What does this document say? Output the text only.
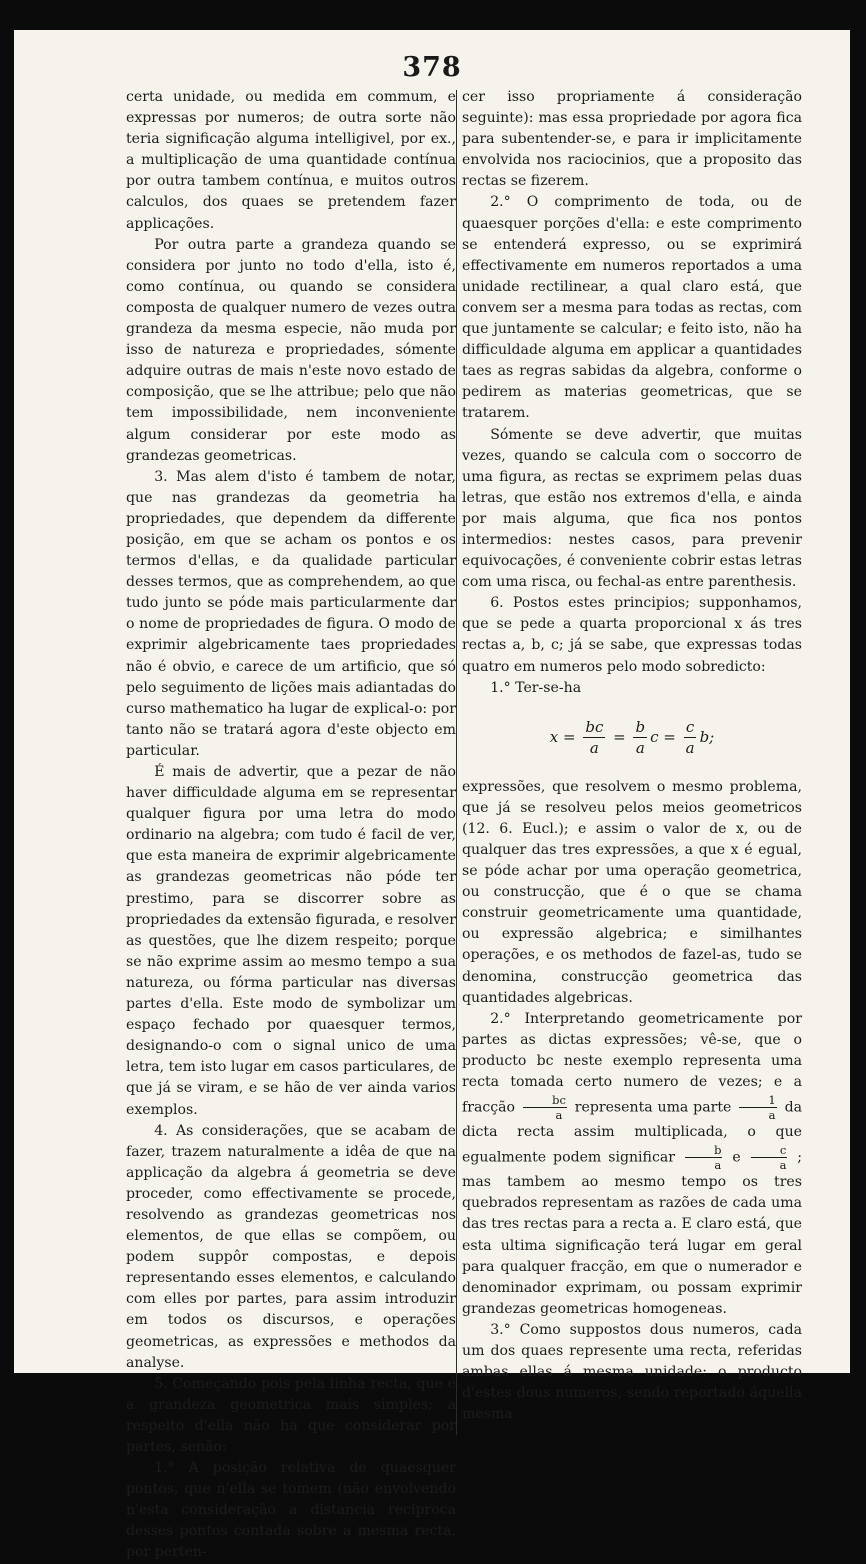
378

certa unidade, ou medida em commum, e expressas por numeros; de outra sorte não teria significação alguma intelligivel, por ex., a multiplicação de uma quantidade contínua por outra tambem contínua, e muitos outros calculos, dos quaes se pretendem fazer applicações.

Por outra parte a grandeza quando se considera por junto no todo d'ella, isto é, como contínua, ou quando se considera composta de qualquer numero de vezes outra grandeza da mesma especie, não muda por isso de natureza e propriedades, sómente adquire outras de mais n'este novo estado de composição, que se lhe attribue; pelo que não tem impossibilidade, nem inconveniente algum considerar por este modo as grandezas geometricas.

3. Mas alem d'isto é tambem de notar, que nas grandezas da geometria ha propriedades, que dependem da differente posição, em que se acham os pontos e os termos d'ellas, e da qualidade particular desses termos, que as comprehendem, ao que tudo junto se póde mais particularmente dar o nome de propriedades de figura. O modo de exprimir algebricamente taes propriedades não é obvio, e carece de um artificio, que só pelo seguimento de lições mais adiantadas do curso mathematico ha lugar de explical-o: por tanto não se tratará agora d'este objecto em particular.

É mais de advertir, que a pezar de não haver difficuldade alguma em se representar qualquer figura por uma letra do modo ordinario na algebra; com tudo é facil de ver, que esta maneira de exprimir algebricamente as grandezas geometricas não póde ter prestimo, para se discorrer sobre as propriedades da extensão figurada, e resolver as questões, que lhe dizem respeito; porque se não exprime assim ao mesmo tempo a sua natureza, ou fórma particular nas diversas partes d'ella. Este modo de symbolizar um espaço fechado por quaesquer termos, designando-o com o signal unico de uma letra, tem isto lugar em casos particulares, de que já se viram, e se hão de ver ainda varios exemplos.

4. As considerações, que se acabam de fazer, trazem naturalmente a idêa de que na applicação da algebra á geometria se deve proceder, como effectivamente se procede, resolvendo as grandezas geometricas nos elementos, de que ellas se compõem, ou podem suppôr compostas, e depois representando esses elementos, e calculando com elles por partes, para assim introduzir em todos os discursos, e operações geometricas, as expressões e methodos da analyse.

5. Começando pois pela linha recta, que é a grandeza geometrica mais simples; a respeito d'ella não ha que considerar por partes, senão:

1.° A posição relativa de quaesquer pontos, que n'ella se tomem (não envolvendo n'esta consideração a distancia reciproca desses pontos contada sobre a mesma recta, por perten-

cer isso propriamente á consideração seguinte): mas essa propriedade por agora fica para subentender-se, e para ir implicitamente envolvida nos raciocinios, que a proposito das rectas se fizerem.

2.° O comprimento de toda, ou de quaesquer porções d'ella: e este comprimento se entenderá expresso, ou se exprimirá effectivamente em numeros reportados a uma unidade rectilinear, a qual claro está, que convem ser a mesma para todas as rectas, com que juntamente se calcular; e feito isto, não ha difficuldade alguma em applicar a quantidades taes as regras sabidas da algebra, conforme o pedirem as materias geometricas, que se tratarem.

Sómente se deve advertir, que muitas vezes, quando se calcula com o soccorro de uma figura, as rectas se exprimem pelas duas letras, que estão nos extremos d'ella, e ainda por mais alguma, que fica nos pontos intermedios: nestes casos, para prevenir equivocações, é conveniente cobrir estas letras com uma risca, ou fechal-as entre parenthesis.

6. Postos estes principios; supponhamos, que se pede a quarta proporcional x ás tres rectas a, b, c; já se sabe, que expressas todas quatro em numeros pelo modo sobredicto:

1.° Ter-se-ha

$x = \frac{bc}{a} = \frac{b}{a}$ $c = \frac{c}{a} b$;

expressões, que resolvem o mesmo problema, que já se resolveu pelos meios geometricos (12. 6. Eucl.); e assim o valor de x, ou de qualquer das tres expressões, a que x é egual, se póde achar por uma operação geometrica, ou construcção, que é o que se chama construir geometricamente uma quantidade, ou expressão algebrica; e similhantes operações, e os methodos de fazel-as, tudo se denomina, construcção geometrica das quantidades algebricas.

2.° Interpretando geometricamente por partes as dictas expressões; vê-se, que o producto bc neste exemplo representa uma recta tomada certo numero de vezes; e a fracção $\frac{bc}{a}$ representa uma parte $\frac{1}{a}$ da dicta recta assim multiplicada, o que egualmente podem significar $\frac{b}{a}$ e $\frac{c}{a}$ ; mas tambem ao mesmo tempo os tres quebrados representam as razões de cada uma das tres rectas para a recta a. E claro está, que esta ultima significação terá lugar em geral para qualquer fracção, em que o numerador e denominador exprimam, ou possam exprimir grandezas geometricas homogeneas.

3.° Como suppostos dous numeros, cada um dos quaes represente uma recta, referidas ambas ellas á mesma unidade; o producto d'estes dous numeros, sendo reportado áquella mesma
